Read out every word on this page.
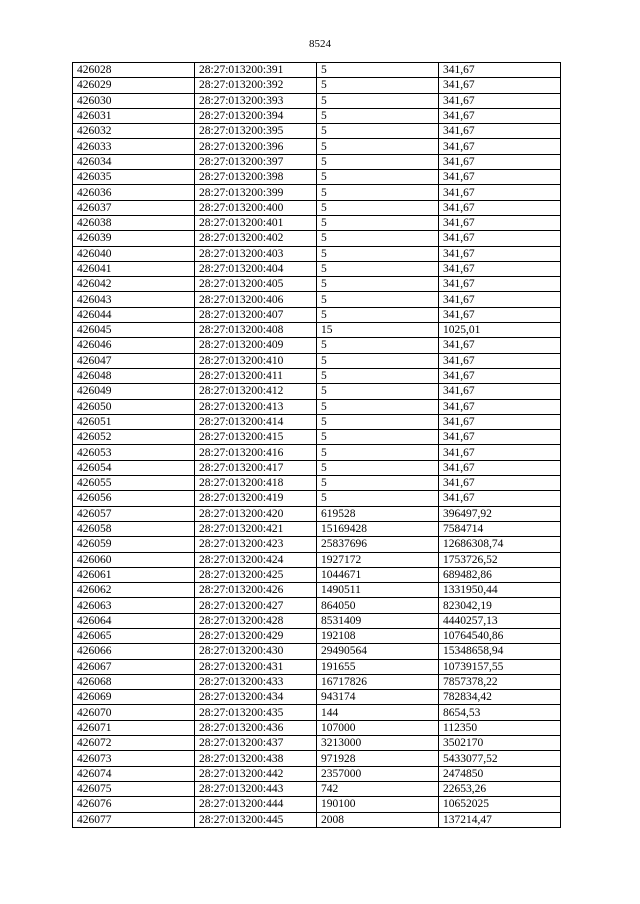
8524
426028	28:27:013200:391	5	341,67
426029	28:27:013200:392	5	341,67
426030	28:27:013200:393	5	341,67
426031	28:27:013200:394	5	341,67
426032	28:27:013200:395	5	341,67
426033	28:27:013200:396	5	341,67
426034	28:27:013200:397	5	341,67
426035	28:27:013200:398	5	341,67
426036	28:27:013200:399	5	341,67
426037	28:27:013200:400	5	341,67
426038	28:27:013200:401	5	341,67
426039	28:27:013200:402	5	341,67
426040	28:27:013200:403	5	341,67
426041	28:27:013200:404	5	341,67
426042	28:27:013200:405	5	341,67
426043	28:27:013200:406	5	341,67
426044	28:27:013200:407	5	341,67
426045	28:27:013200:408	15	1025,01
426046	28:27:013200:409	5	341,67
426047	28:27:013200:410	5	341,67
426048	28:27:013200:411	5	341,67
426049	28:27:013200:412	5	341,67
426050	28:27:013200:413	5	341,67
426051	28:27:013200:414	5	341,67
426052	28:27:013200:415	5	341,67
426053	28:27:013200:416	5	341,67
426054	28:27:013200:417	5	341,67
426055	28:27:013200:418	5	341,67
426056	28:27:013200:419	5	341,67
426057	28:27:013200:420	619528	396497,92
426058	28:27:013200:421	15169428	7584714
426059	28:27:013200:423	25837696	12686308,74
426060	28:27:013200:424	1927172	1753726,52
426061	28:27:013200:425	1044671	689482,86
426062	28:27:013200:426	1490511	1331950,44
426063	28:27:013200:427	864050	823042,19
426064	28:27:013200:428	8531409	4440257,13
426065	28:27:013200:429	192108	10764540,86
426066	28:27:013200:430	29490564	15348658,94
426067	28:27:013200:431	191655	10739157,55
426068	28:27:013200:433	16717826	7857378,22
426069	28:27:013200:434	943174	782834,42
426070	28:27:013200:435	144	8654,53
426071	28:27:013200:436	107000	112350
426072	28:27:013200:437	3213000	3502170
426073	28:27:013200:438	971928	5433077,52
426074	28:27:013200:442	2357000	2474850
426075	28:27:013200:443	742	22653,26
426076	28:27:013200:444	190100	10652025
426077	28:27:013200:445	2008	137214,47
